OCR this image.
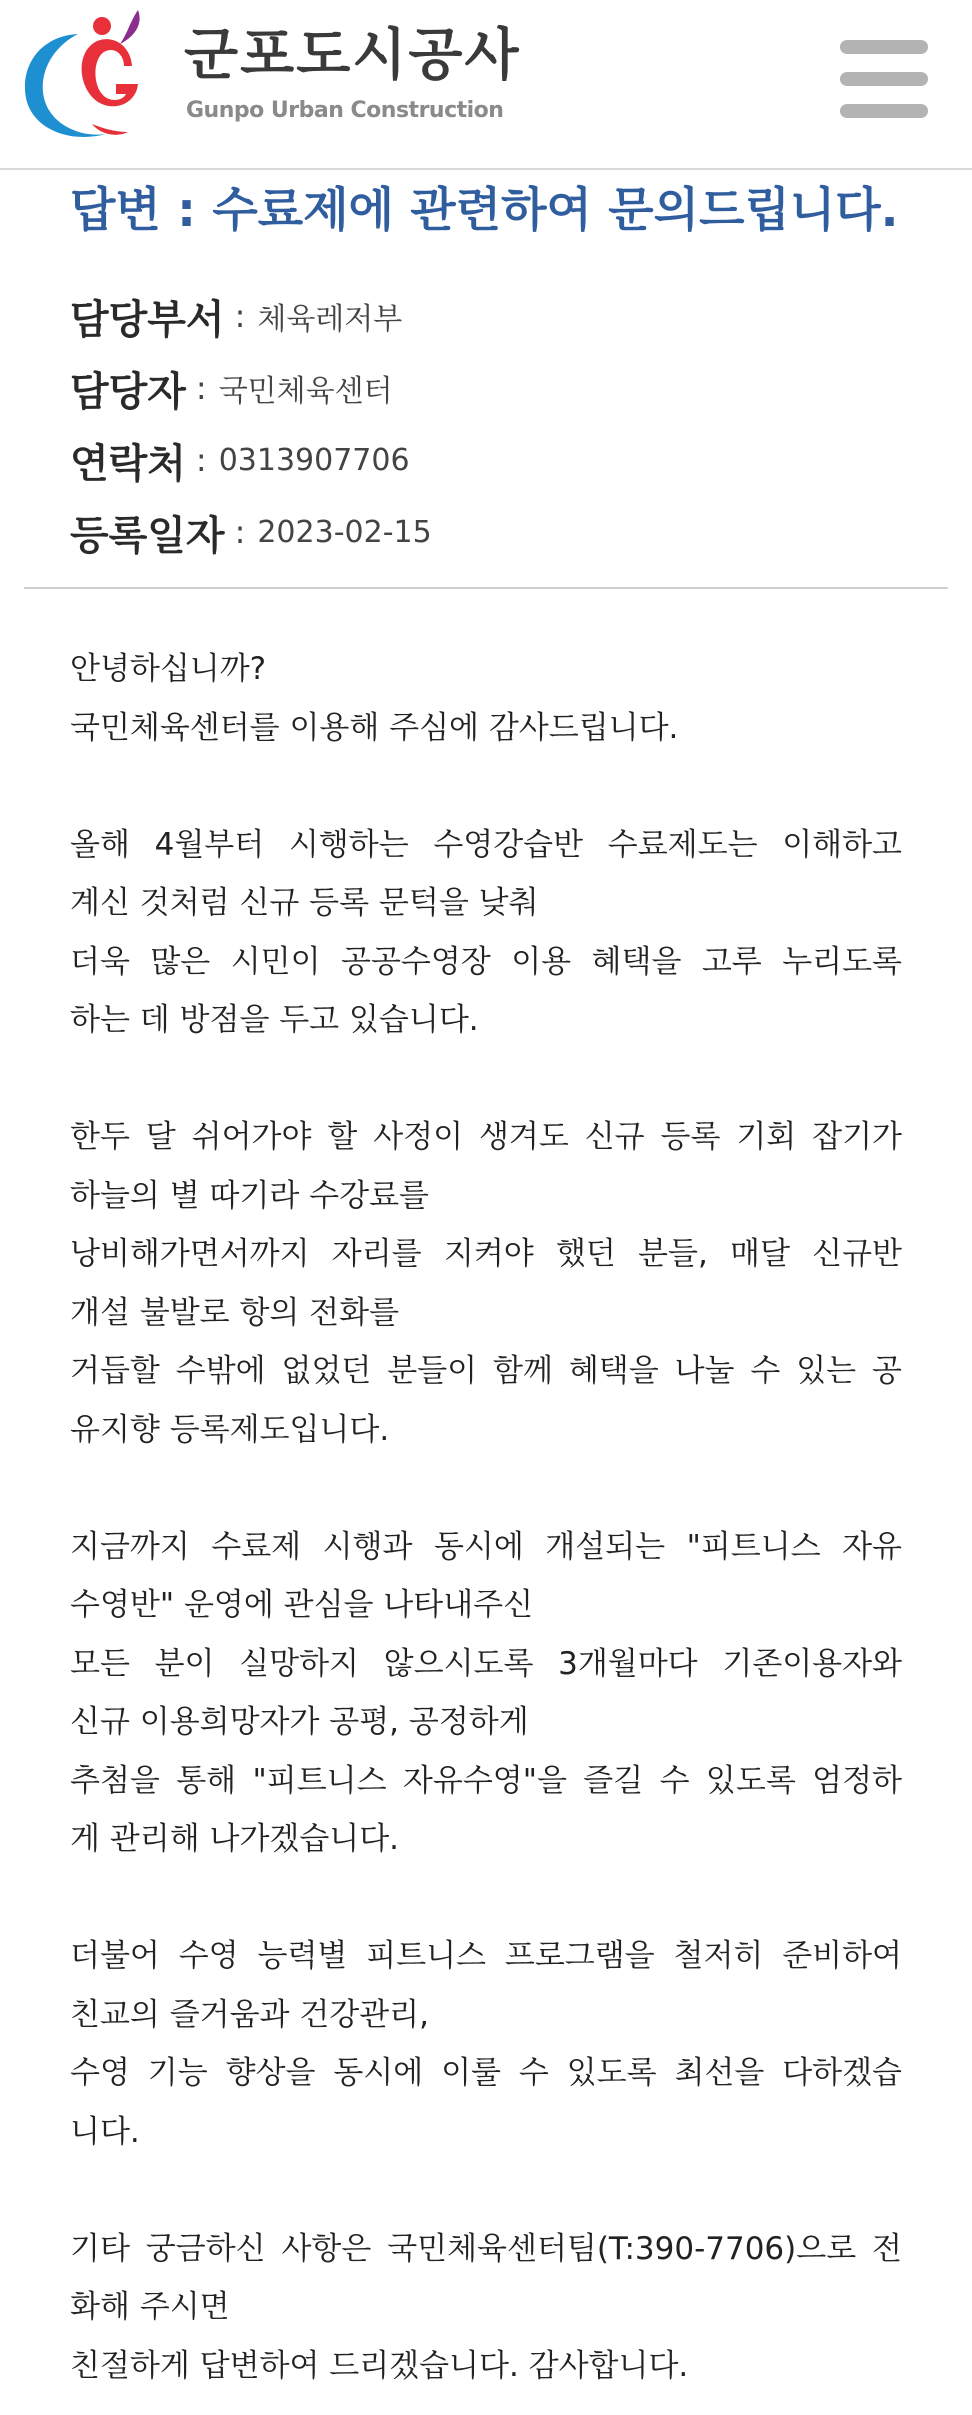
군포도시공사
Gunpo Urban Construction
답변 : 수료제에 관련하여 문의드립니다.
담당부서 : 체육레저부
담당자 : 국민체육센터
연락처 : 0313907706
등록일자 : 2023-02-15
안녕하십니까?
국민체육센터를 이용해 주심에 감사드립니다.
올해 4월부터 시행하는 수영강습반 수료제도는 이해하고
계신 것처럼 신규 등록 문턱을 낮춰
더욱 많은 시민이 공공수영장 이용 혜택을 고루 누리도록
하는 데 방점을 두고 있습니다.
한두 달 쉬어가야 할 사정이 생겨도 신규 등록 기회 잡기가
하늘의 별 따기라 수강료를
낭비해가면서까지 자리를 지켜야 했던 분들, 매달 신규반
개설 불발로 항의 전화를
거듭할 수밖에 없었던 분들이 함께 혜택을 나눌 수 있는 공
유지향 등록제도입니다.
지금까지 수료제 시행과 동시에 개설되는 "피트니스 자유
수영반" 운영에 관심을 나타내주신
모든 분이 실망하지 않으시도록 3개월마다 기존이용자와
신규 이용희망자가 공평, 공정하게
추첨을 통해 "피트니스 자유수영"을 즐길 수 있도록 엄정하
게 관리해 나가겠습니다.
더불어 수영 능력별 피트니스 프로그램을 철저히 준비하여
친교의 즐거움과 건강관리,
수영 기능 향상을 동시에 이룰 수 있도록 최선을 다하겠습
니다.
기타 궁금하신 사항은 국민체육센터팀(T:390-7706)으로 전
화해 주시면
친절하게 답변하여 드리겠습니다. 감사합니다.
